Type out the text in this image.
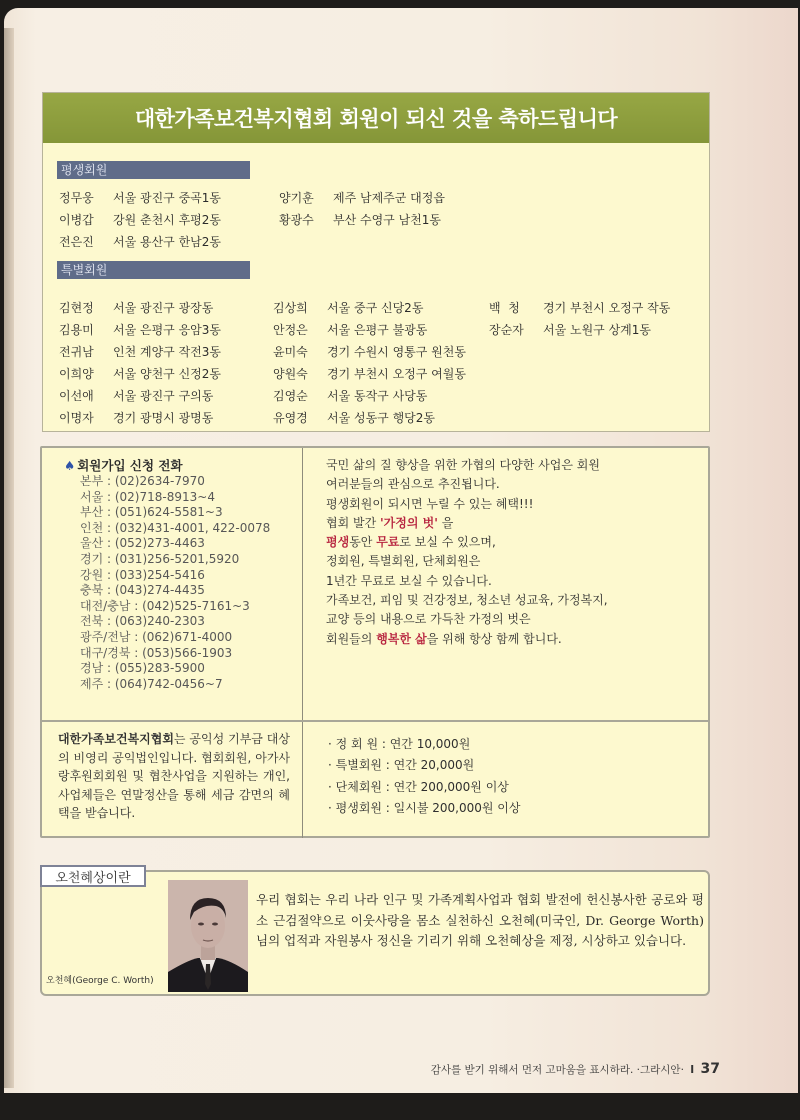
대한가족보건복지협회 회원이 되신 것을 축하드립니다
평생회원
정무웅 서울 광진구 중곡1동
이병갑 강원 춘천시 후평2동
전은진 서울 용산구 한남2동
양기훈 제주 남제주군 대정읍
황광수 부산 수영구 남천1동
특별회원
김현정 서울 광진구 광장동
김용미 서울 은평구 응암3동
전귀남 인천 계양구 작전3동
이희양 서울 양천구 신정2동
이선애 서울 광진구 구의동
이명자 경기 광명시 광명동
김상희 서울 중구 신당2동
안정은 서울 은평구 불광동
윤미숙 경기 수원시 영통구 원천동
양원숙 경기 부천시 오정구 여월동
김영순 서울 동작구 사당동
유영경 서울 성동구 행당2동
백  청 경기 부천시 오정구 작동
장순자 서울 노원구 상계1동
♠ 회원가입 신청 전화
본부 : (02)2634-7970
서울 : (02)718-8913~4
부산 : (051)624-5581~3
인천 : (032)431-4001, 422-0078
울산 : (052)273-4463
경기 : (031)256-5201,5920
강원 : (033)254-5416
충북 : (043)274-4435
대전/충남 : (042)525-7161~3
전북 : (063)240-2303
광주/전남 : (062)671-4000
대구/경북 : (053)566-1903
경남 : (055)283-5900
제주 : (064)742-0456~7
국민 삶의 질 향상을 위한 가협의 다양한 사업은 회원
여러분들의 관심으로 추진됩니다.
평생회원이 되시면 누릴 수 있는 혜택!!!
협회 발간 '가정의 벗' 을
평생동안 무료로 보실 수 있으며,
정회원, 특별회원, 단체회원은
1년간 무료로 보실 수 있습니다.
가족보건, 피임 및 건강정보, 청소년 성교육, 가정복지,
교양 등의 내용으로 가득찬 가정의 벗은
회원들의 행복한 삶을 위해 항상 함께 합니다.
대한가족보건복지협회는 공익성 기부금 대상의 비영리 공익법인입니다. 협회회원, 아가사랑후원회회원 및 협찬사업을 지원하는 개인, 사업체들은 연말정산을 통해 세금 감면의 혜택을 받습니다.
· 정 회 원 : 연간 10,000원
· 특별회원 : 연간 20,000원
· 단체회원 : 연간 200,000원 이상
· 평생회원 : 일시불 200,000원 이상
오천혜상이란
오천혜(George C. Worth)
우리 협회는 우리 나라 인구 및 가족계획사업과 협회 발전에 헌신봉사한 공로와 평소 근검절약으로 이웃사랑을 몸소 실천하신 오천혜(미국인, Dr. George Worth)님의 업적과 자원봉사 정신을 기리기 위해 오천혜상을 제정, 시상하고 있습니다.
감사를 받기 위해서 먼저 고마움을 표시하라. ·그라시안· I 37
